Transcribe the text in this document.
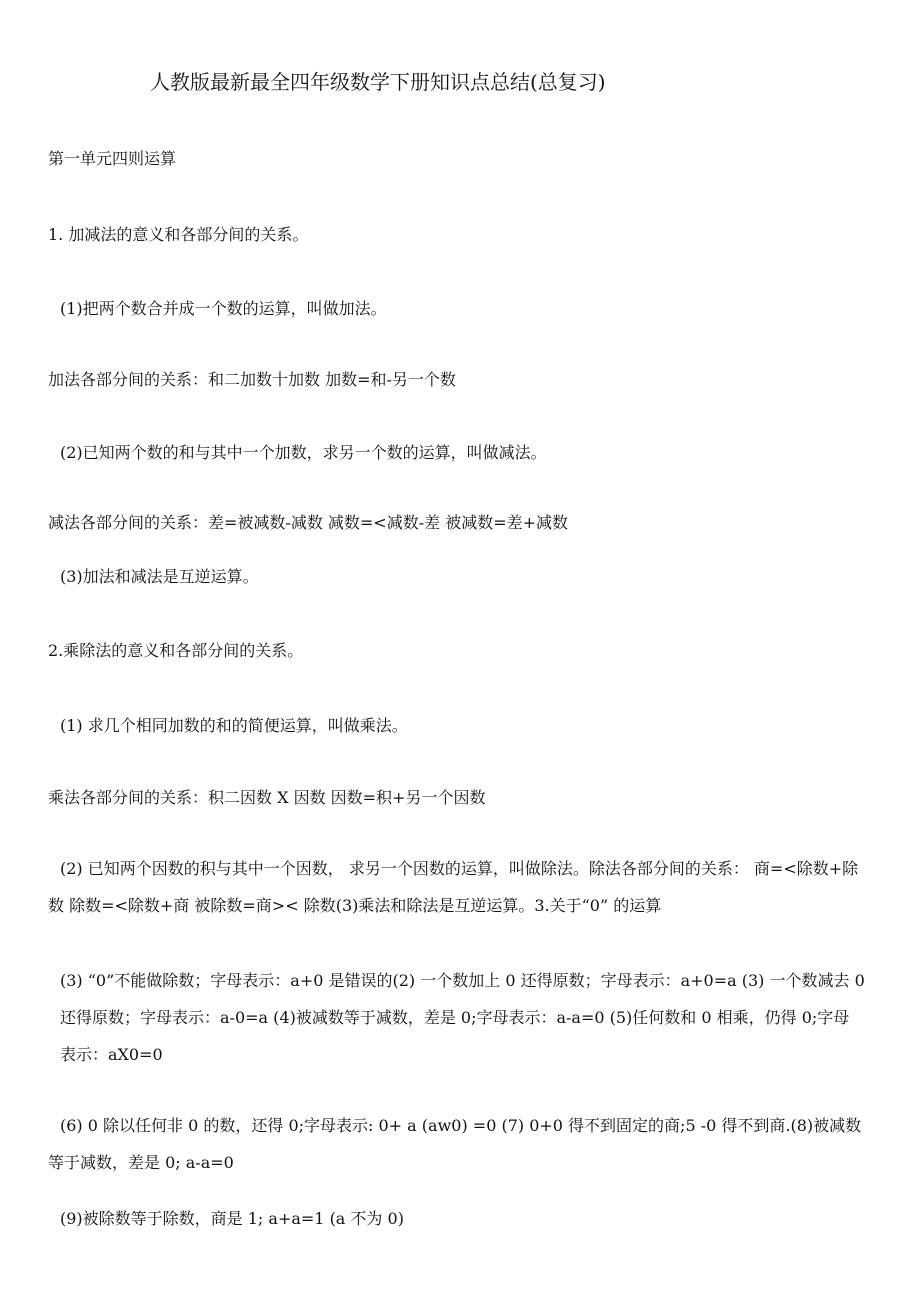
人教版最新最全四年级数学下册知识点总结(总复习)
第一单元四则运算
1. 加减法的意义和各部分间的关系。
(1)把两个数合并成一个数的运算，叫做加法。
加法各部分间的关系：和二加数十加数 加数=和-另一个数
(2)已知两个数的和与其中一个加数，求另一个数的运算，叫做减法。
减法各部分间的关系：差=被减数-减数 减数=<减数-差 被减数=差+减数
(3)加法和减法是互逆运算。
2.乘除法的意义和各部分间的关系。
(1) 求几个相同加数的和的简便运算，叫做乘法。
乘法各部分间的关系：积二因数 X 因数 因数=积+另一个因数
(2) 已知两个因数的积与其中一个因数， 求另一个因数的运算，叫做除法。除法各部分间的关系： 商=<除数+除数 除数=<除数+商 被除数=商>< 除数(3)乘法和除法是互逆运算。3.关于“0” 的运算
(3) “0”不能做除数；字母表示：a+0 是错误的(2) 一个数加上 0 还得原数；字母表示：a+0=a (3) 一个数减去 0 还得原数；字母表示：a-0=a (4)被减数等于减数，差是 0;字母表示：a-a=0 (5)任何数和 0 相乘，仍得 0;字母表示：aX0=0
(6) 0 除以任何非 0 的数，还得 0;字母表示: 0+ a (aw0) =0 (7) 0+0 得不到固定的商;5 -0 得不到商.(8)被减数等于减数，差是 0; a-a=0
(9)被除数等于除数，商是 1; a+a=1 (a 不为 0)
